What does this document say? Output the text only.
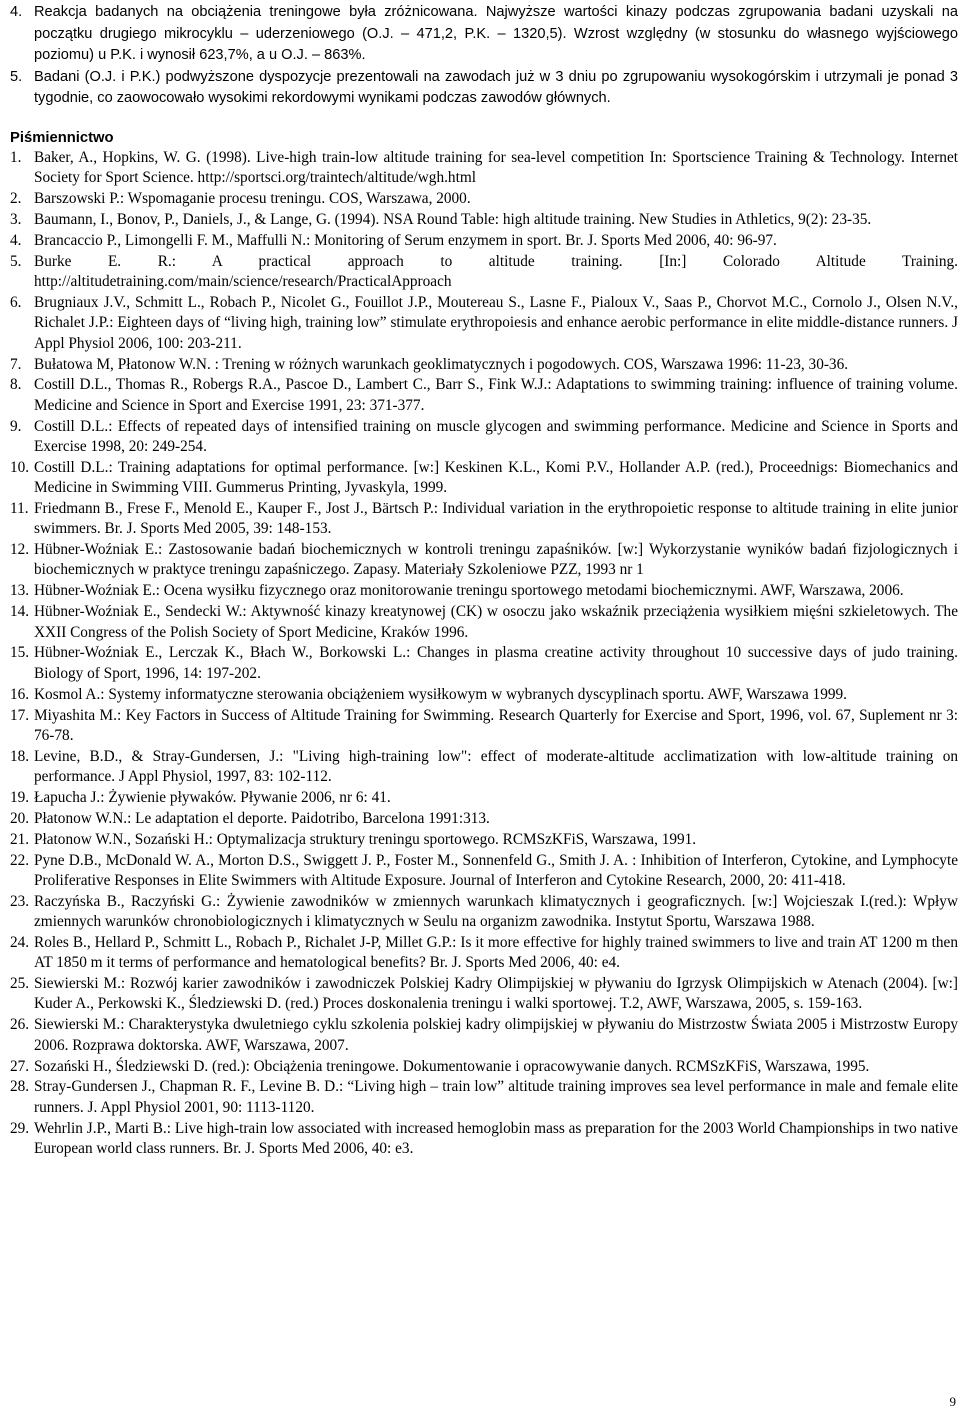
4. Reakcja badanych na obciążenia treningowe była zróżnicowana. Najwyższe wartości kinazy podczas zgrupowania badani uzyskali na początku drugiego mikrocyklu – uderzeniowego (O.J. – 471,2, P.K. – 1320,5). Wzrost względny (w stosunku do własnego wyjściowego poziomu) u P.K. i wynosił 623,7%, a u O.J. – 863%.
5. Badani (O.J. i P.K.) podwyższone dyspozycje prezentowali na zawodach już w 3 dniu po zgrupowaniu wysokogórskim i utrzymali je ponad 3 tygodnie, co zaowocowało wysokimi rekordowymi wynikami podczas zawodów głównych.
Piśmiennictwo
1. Baker, A., Hopkins, W. G. (1998). Live-high train-low altitude training for sea-level competition In: Sportscience Training & Technology. Internet Society for Sport Science. http://sportsci.org/traintech/altitude/wgh.html
2. Barszowski P.: Wspomaganie procesu treningu. COS, Warszawa, 2000.
3. Baumann, I., Bonov, P., Daniels, J., & Lange, G. (1994). NSA Round Table: high altitude training. New Studies in Athletics, 9(2): 23-35.
4. Brancaccio P., Limongelli F. M., Maffulli N.: Monitoring of Serum enzymem in sport. Br. J. Sports Med 2006, 40: 96-97.
5. Burke E. R.: A practical approach to altitude training. [In:] Colorado Altitude Training. http://altitudetraining.com/main/science/research/PracticalApproach
6. Brugniaux J.V., Schmitt L., Robach P., Nicolet G., Fouillot J.P., Moutereau S., Lasne F., Pialoux V., Saas P., Chorvot M.C., Cornolo J., Olsen N.V., Richalet J.P.: Eighteen days of “living high, training low” stimulate erythropoiesis and enhance aerobic performance in elite middle-distance runners. J Appl Physiol 2006, 100: 203-211.
7. Bułatowa M, Płatonow W.N. : Trening w różnych warunkach geoklimatycznych i pogodowych. COS, Warszawa 1996: 11-23, 30-36.
8. Costill D.L., Thomas R., Robergs R.A., Pascoe D., Lambert C., Barr S., Fink W.J.: Adaptations to swimming training: influence of training volume. Medicine and Science in Sport and Exercise 1991, 23: 371-377.
9. Costill D.L.: Effects of repeated days of intensified training on muscle glycogen and swimming performance. Medicine and Science in Sports and Exercise 1998, 20: 249-254.
10. Costill D.L.: Training adaptations for optimal performance. [w:] Keskinen K.L., Komi P.V., Hollander A.P. (red.), Proceednigs: Biomechanics and Medicine in Swimming VIII. Gummerus Printing, Jyvaskyla, 1999.
11. Friedmann B., Frese F., Menold E., Kauper F., Jost J., Bärtsch P.: Individual variation in the erythropoietic response to altitude training in elite junior swimmers. Br. J. Sports Med 2005, 39: 148-153.
12. Hübner-Woźniak E.: Zastosowanie badań biochemicznych w kontroli treningu zapaśników. [w:] Wykorzystanie wyników badań fizjologicznych i biochemicznych w praktyce treningu zapaśniczego. Zapasy. Materiały Szkoleniowe PZZ, 1993 nr 1
13. Hübner-Woźniak E.: Ocena wysiłku fizycznego oraz monitorowanie treningu sportowego metodami biochemicznymi. AWF, Warszawa, 2006.
14. Hübner-Woźniak E., Sendecki W.: Aktywność kinazy kreatynowej (CK) w osoczu jako wskaźnik przeciążenia wysiłkiem mięśni szkieletowych. The XXII Congress of the Polish Society of Sport Medicine, Kraków 1996.
15. Hübner-Woźniak E., Lerczak K., Błach W., Borkowski L.: Changes in plasma creatine activity throughout 10 successive days of judo training. Biology of Sport, 1996, 14: 197-202.
16. Kosmol A.: Systemy informatyczne sterowania obciążeniem wysiłkowym w wybranych dyscyplinach sportu. AWF, Warszawa 1999.
17. Miyashita M.: Key Factors in Success of Altitude Training for Swimming. Research Quarterly for Exercise and Sport, 1996, vol. 67, Suplement nr 3: 76-78.
18. Levine, B.D., & Stray-Gundersen, J.: "Living high-training low": effect of moderate-altitude acclimatization with low-altitude training on performance. J Appl Physiol, 1997, 83: 102-112.
19. Łapucha J.: Żywienie pływaków. Pływanie 2006, nr 6: 41.
20. Płatonow W.N.: Le adaptation el deporte. Paidotribo, Barcelona 1991:313.
21. Płatonow W.N., Sozański H.: Optymalizacja struktury treningu sportowego. RCMSzKFiS, Warszawa, 1991.
22. Pyne D.B., McDonald W. A., Morton D.S., Swiggett J. P., Foster M., Sonnenfeld G., Smith J. A. : Inhibition of Interferon, Cytokine, and Lymphocyte Proliferative Responses in Elite Swimmers with Altitude Exposure. Journal of Interferon and Cytokine Research, 2000, 20: 411-418.
23. Raczyńska B., Raczyński G.: Żywienie zawodników w zmiennych warunkach klimatycznych i geograficznych. [w:] Wojcieszak I.(red.): Wpływ zmiennych warunków chronobiologicznych i klimatycznych w Seulu na organizm zawodnika. Instytut Sportu, Warszawa 1988.
24. Roles B., Hellard P., Schmitt L., Robach P., Richalet J-P, Millet G.P.: Is it more effective for highly trained swimmers to live and train AT 1200 m then AT 1850 m it terms of performance and hematological benefits? Br. J. Sports Med 2006, 40: e4.
25. Siewierski M.: Rozwój karier zawodników i zawodniczek Polskiej Kadry Olimpijskiej w pływaniu do Igrzysk Olimpijskich w Atenach (2004). [w:] Kuder A., Perkowski K., Śledziewski D. (red.) Proces doskonalenia treningu i walki sportowej. T.2, AWF, Warszawa, 2005, s. 159-163.
26. Siewierski M.: Charakterystyka dwuletniego cyklu szkolenia polskiej kadry olimpijskiej w pływaniu do Mistrzostw Świata 2005 i Mistrzostw Europy 2006. Rozprawa doktorska. AWF, Warszawa, 2007.
27. Sozański H., Śledziewski D. (red.): Obciążenia treningowe. Dokumentowanie i opracowywanie danych. RCMSzKFiS, Warszawa, 1995.
28. Stray-Gundersen J., Chapman R. F., Levine B. D.: “Living high – train low” altitude training improves sea level performance in male and female elite runners. J. Appl Physiol 2001, 90: 1113-1120.
29. Wehrlin J.P., Marti B.: Live high-train low associated with increased hemoglobin mass as preparation for the 2003 World Championships in two native European world class runners. Br. J. Sports Med 2006, 40: e3.
9
